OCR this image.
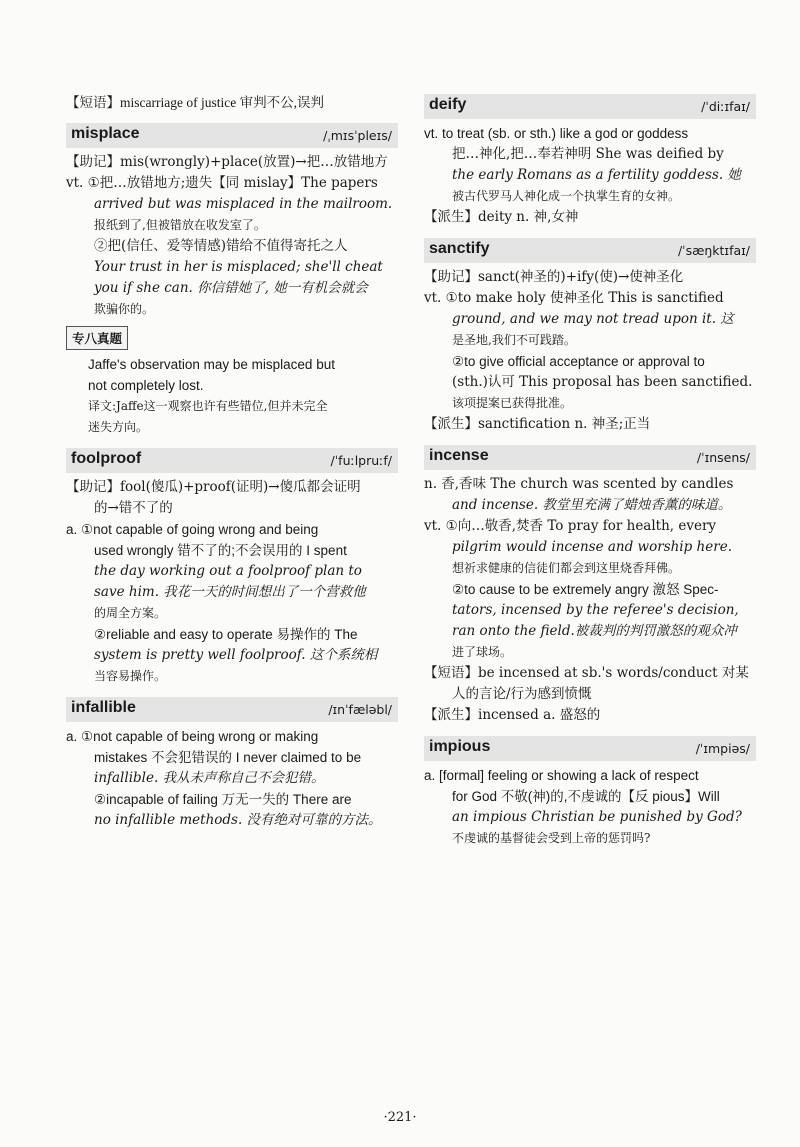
【短语】miscarriage of justice 审判不公,误判
misplace	/ˌmɪsˈpleɪs/
【助记】mis(wrongly)+place(放置)→把…放错地方
vt. ①把…放错地方;遗失【同 mislay】The papers
arrived but was misplaced in the mailroom.
报纸到了,但被错放在收发室了。
②把(信任、爱等情感)错给不值得寄托之人
Your trust in her is misplaced; she'll cheat
you if she can. 你信错她了, 她一有机会就会
欺骗你的。
专八真题
Jaffe's observation may be misplaced but
not completely lost.
译文:Jaffe这一观察也许有些错位,但并未完全
迷失方向。
foolproof	/ˈfuːlpruːf/
【助记】fool(傻瓜)+proof(证明)→傻瓜都会证明
的→错不了的
a. ①not capable of going wrong and being
used wrongly 错不了的;不会误用的 I spent
the day working out a foolproof plan to
save him. 我花一天的时间想出了一个营救他
的周全方案。
②reliable and easy to operate 易操作的 The
system is pretty well foolproof. 这个系统相
当容易操作。
infallible	/ɪnˈfæləbl/
a. ①not capable of being wrong or making
mistakes 不会犯错误的 I never claimed to be
infallible. 我从未声称自己不会犯错。
②incapable of failing 万无一失的 There are
no infallible methods. 没有绝对可靠的方法。
deify	/ˈdiːɪfaɪ/
vt. to treat (sb. or sth.) like a god or goddess
把…神化,把…奉若神明 She was deified by
the early Romans as a fertility goddess. 她
被古代罗马人神化成一个执掌生育的女神。
【派生】deity n. 神,女神
sanctify	/ˈsæŋktɪfaɪ/
【助记】sanct(神圣的)+ify(使)→使神圣化
vt. ①to make holy 使神圣化 This is sanctified
ground, and we may not tread upon it. 这
是圣地,我们不可践踏。
②to give official acceptance or approval to
(sth.)认可 This proposal has been sanctified.
该项提案已获得批准。
【派生】sanctification n. 神圣;正当
incense	/ˈɪnsens/
n. 香,香味 The church was scented by candles
and incense. 教堂里充满了蜡烛香薰的味道。
vt. ①向…敬香,焚香 To pray for health, every
pilgrim would incense and worship here.
想祈求健康的信徒们都会到这里烧香拜佛。
②to cause to be extremely angry 激怒 Spec-
tators, incensed by the referee's decision,
ran onto the field.被裁判的判罚激怒的观众冲
进了球场。
【短语】be incensed at sb.'s words/conduct 对某
人的言论/行为感到愤慨
【派生】incensed a. 盛怒的
impious	/ˈɪmpiəs/
a. [formal] feeling or showing a lack of respect
for God 不敬(神)的,不虔诚的【反 pious】Will
an impious Christian be punished by God?
不虔诚的基督徒会受到上帝的惩罚吗?
·221·
